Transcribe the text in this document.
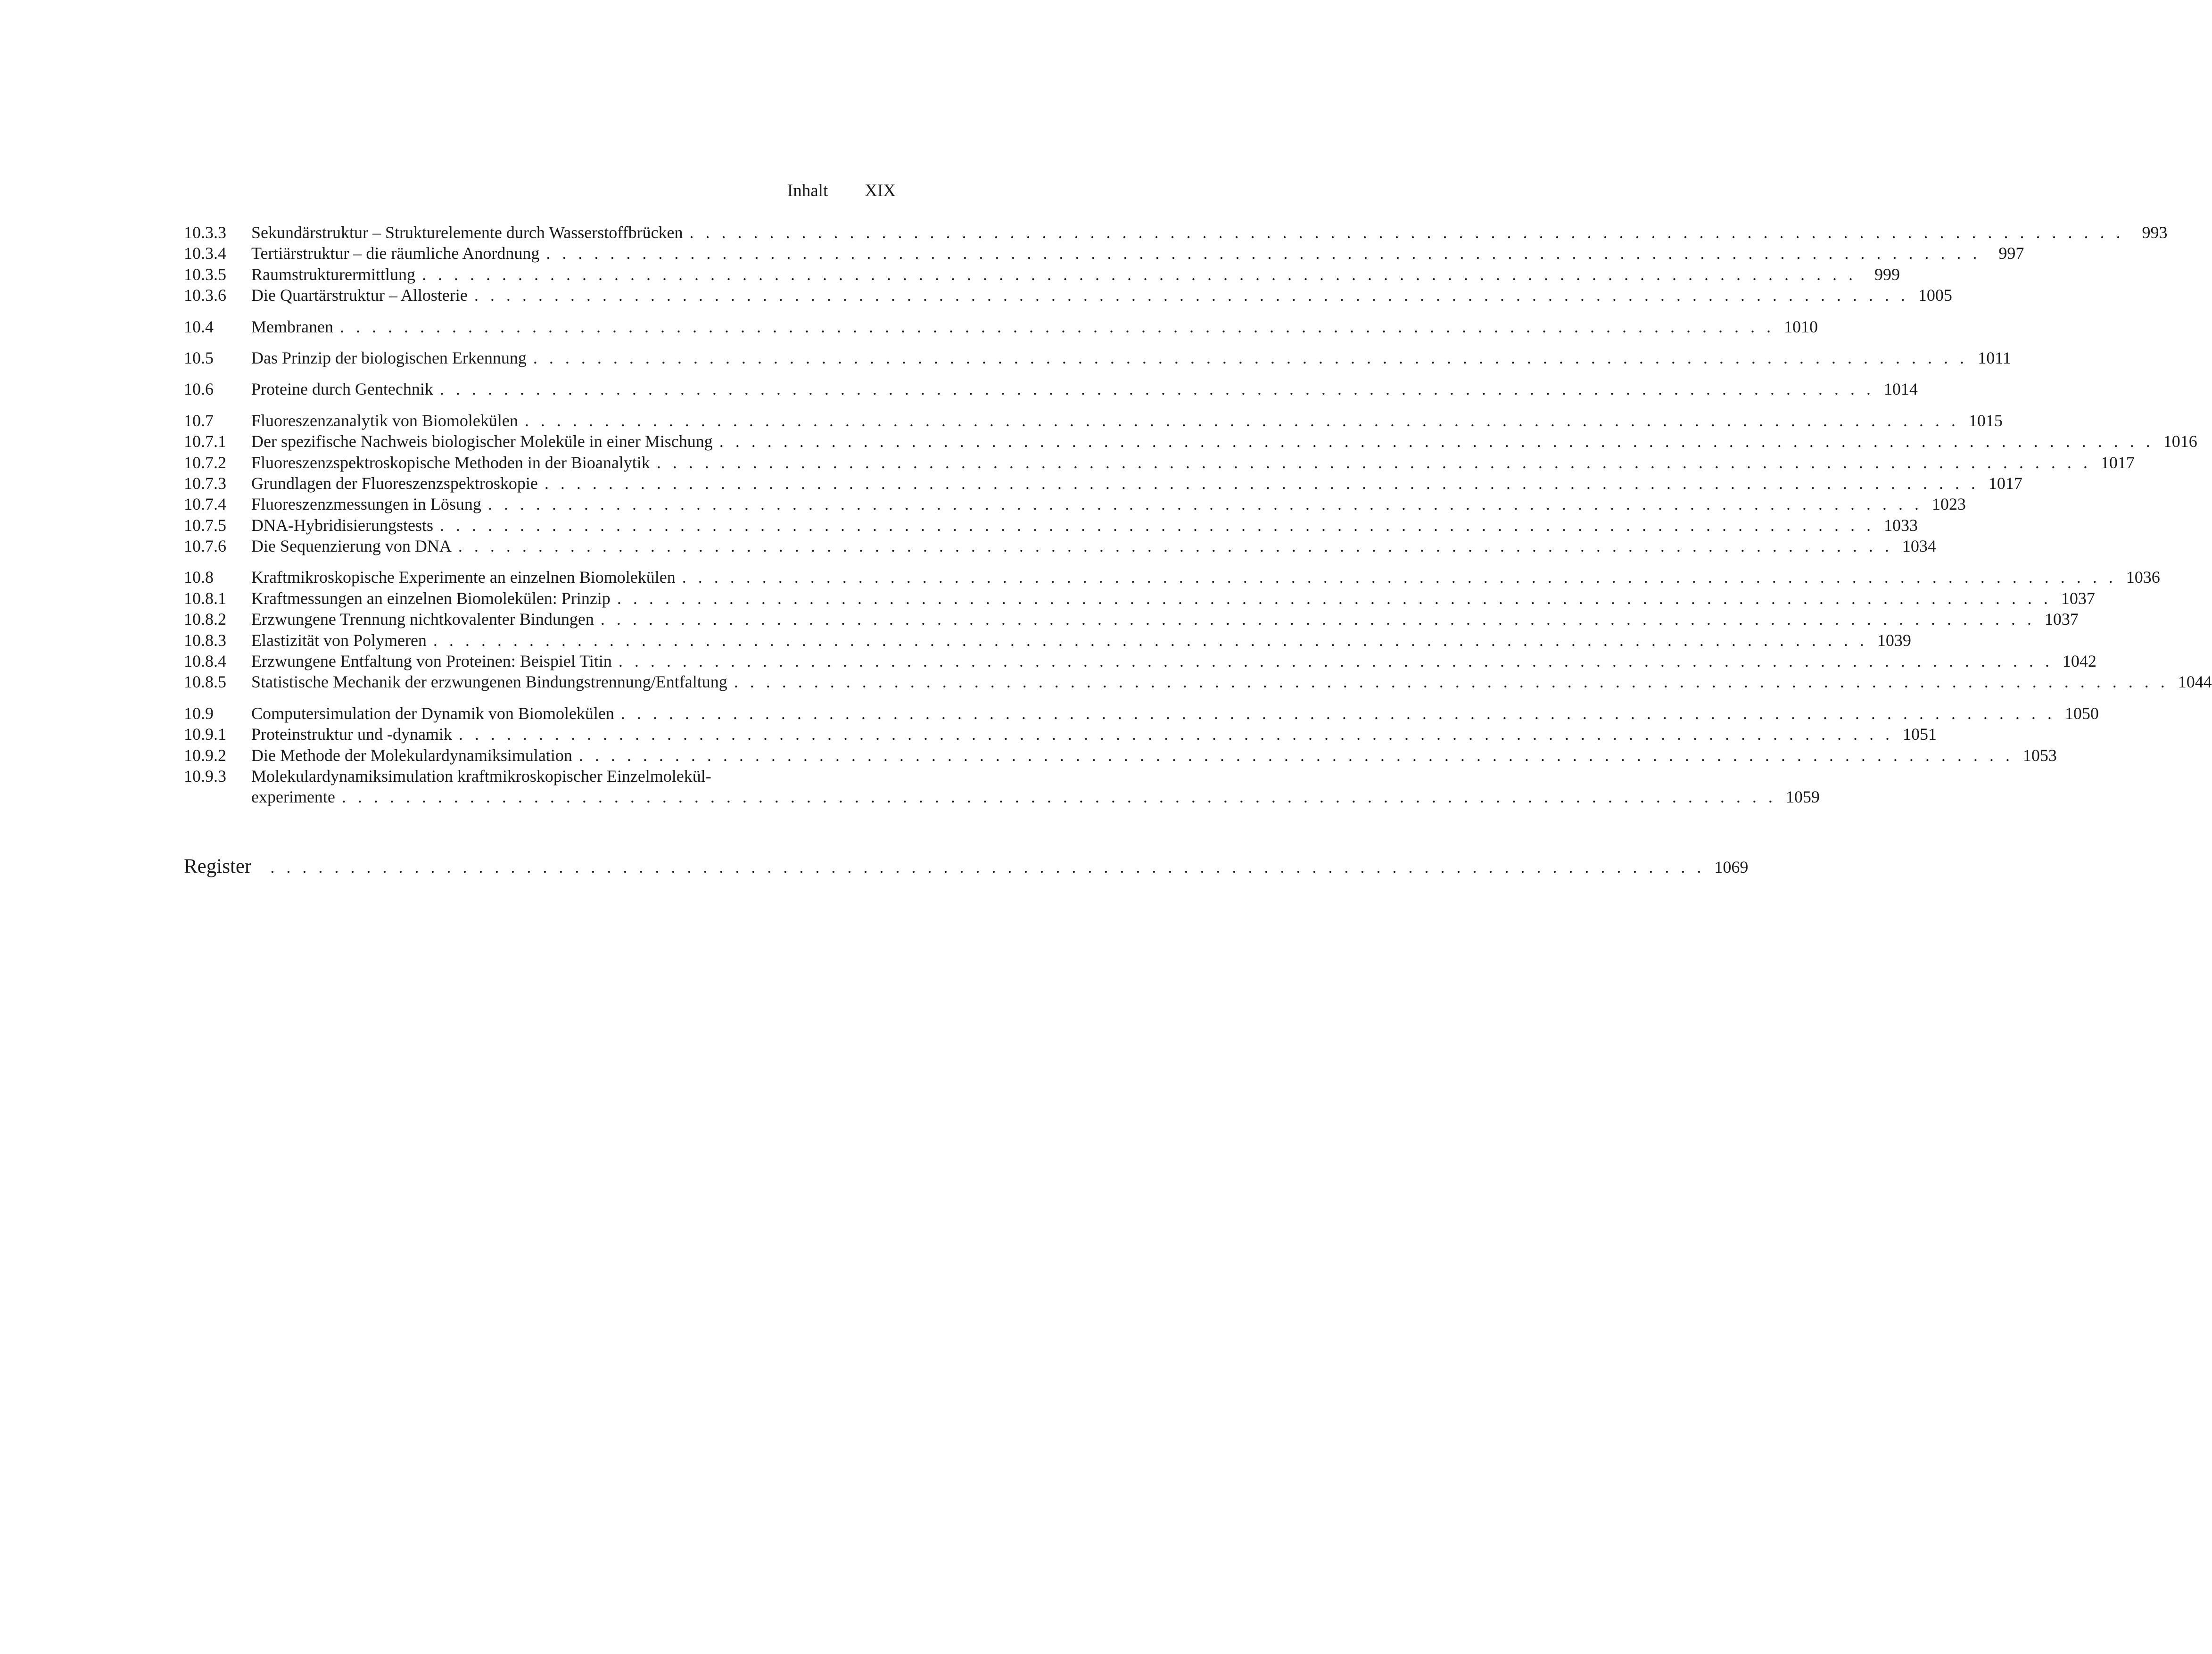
Inhalt XIX
10.3.3 Sekundärstruktur – Strukturelemente durch Wasserstoffbrücken . . . . . . . . . . . . . . . . . . . . . . . . . . . . . . . . . . . . . . . . . . . . . . . . . . . . . . . . . . . . . . . . . . . . . . . . . . . . . . . . . . . . . . . . . .	993
10.3.4 Tertiärstruktur – die räumliche Anordnung . . . . . . . . . . . . . . . . . . . . . . . . . . . . . . . . . . . . . . . . . . . . . . . . . . . . . . . . . . . . . . . . . . . . . . . . . . . . . . . . . . . . . . . . . .	997
10.3.5 Raumstrukturermittlung . . . . . . . . . . . . . . . . . . . . . . . . . . . . . . . . . . . . . . . . . . . . . . . . . . . . . . . . . . . . . . . . . . . . . . . . . . . . . . . . . . . . . . . . . .	999
10.3.6 Die Quartärstruktur – Allosterie . . . . . . . . . . . . . . . . . . . . . . . . . . . . . . . . . . . . . . . . . . . . . . . . . . . . . . . . . . . . . . . . . . . . . . . . . . . . . . . . . . . . . . . . . . 1005
10.4 Membranen . . . . . . . . . . . . . . . . . . . . . . . . . . . . . . . . . . . . . . . . . . . . . . . . . . . . . . . . . . . . . . . . . . . . . . . . . . . . . . . . . . . . . . . . . . 1010
10.5 Das Prinzip der biologischen Erkennung . . . . . . . . . . . . . . . . . . . . . . . . . . . . . . . . . . . . . . . . . . . . . . . . . . . . . . . . . . . . . . . . . . . . . . . . . . . . . . . . . . . . . . . . . . 1011
10.6 Proteine durch Gentechnik . . . . . . . . . . . . . . . . . . . . . . . . . . . . . . . . . . . . . . . . . . . . . . . . . . . . . . . . . . . . . . . . . . . . . . . . . . . . . . . . . . . . . . . . . . 1014
10.7 Fluoreszenzanalytik von Biomolekülen . . . . . . . . . . . . . . . . . . . . . . . . . . . . . . . . . . . . . . . . . . . . . . . . . . . . . . . . . . . . . . . . . . . . . . . . . . . . . . . . . . . . . . . . . . 1015
10.7.1 Der spezifische Nachweis biologischer Moleküle in einer Mischung . . . . . . . . . . . . . . . . . . . . . . . . . . . . . . . . . . . . . . . . . . . . . . . . . . . . . . . . . . . . . . . . . . . . . . . . . . . . . . . . . . . . . . . . . . 1016
10.7.2 Fluoreszenzspektroskopische Methoden in der Bioanalytik . . . . . . . . . . . . . . . . . . . . . . . . . . . . . . . . . . . . . . . . . . . . . . . . . . . . . . . . . . . . . . . . . . . . . . . . . . . . . . . . . . . . . . . . . . 1017
10.7.3 Grundlagen der Fluoreszenzspektroskopie . . . . . . . . . . . . . . . . . . . . . . . . . . . . . . . . . . . . . . . . . . . . . . . . . . . . . . . . . . . . . . . . . . . . . . . . . . . . . . . . . . . . . . . . . . 1017
10.7.4 Fluoreszenzmessungen in Lösung . . . . . . . . . . . . . . . . . . . . . . . . . . . . . . . . . . . . . . . . . . . . . . . . . . . . . . . . . . . . . . . . . . . . . . . . . . . . . . . . . . . . . . . . . . 1023
10.7.5 DNA-Hybridisierungstests . . . . . . . . . . . . . . . . . . . . . . . . . . . . . . . . . . . . . . . . . . . . . . . . . . . . . . . . . . . . . . . . . . . . . . . . . . . . . . . . . . . . . . . . . . 1033
10.7.6 Die Sequenzierung von DNA . . . . . . . . . . . . . . . . . . . . . . . . . . . . . . . . . . . . . . . . . . . . . . . . . . . . . . . . . . . . . . . . . . . . . . . . . . . . . . . . . . . . . . . . . . 1034
10.8 Kraftmikroskopische Experimente an einzelnen Biomolekülen . . . . . . . . . . . . . . . . . . . . . . . . . . . . . . . . . . . . . . . . . . . . . . . . . . . . . . . . . . . . . . . . . . . . . . . . . . . . . . . . . . . . . . . . . . 1036
10.8.1 Kraftmessungen an einzelnen Biomolekülen: Prinzip . . . . . . . . . . . . . . . . . . . . . . . . . . . . . . . . . . . . . . . . . . . . . . . . . . . . . . . . . . . . . . . . . . . . . . . . . . . . . . . . . . . . . . . . . . 1037
10.8.2 Erzwungene Trennung nichtkovalenter Bindungen . . . . . . . . . . . . . . . . . . . . . . . . . . . . . . . . . . . . . . . . . . . . . . . . . . . . . . . . . . . . . . . . . . . . . . . . . . . . . . . . . . . . . . . . . . 1037
10.8.3 Elastizität von Polymeren . . . . . . . . . . . . . . . . . . . . . . . . . . . . . . . . . . . . . . . . . . . . . . . . . . . . . . . . . . . . . . . . . . . . . . . . . . . . . . . . . . . . . . . . . . 1039
10.8.4 Erzwungene Entfaltung von Proteinen: Beispiel Titin . . . . . . . . . . . . . . . . . . . . . . . . . . . . . . . . . . . . . . . . . . . . . . . . . . . . . . . . . . . . . . . . . . . . . . . . . . . . . . . . . . . . . . . . . . 1042
10.8.5 Statistische Mechanik der erzwungenen Bindungstrennung/Entfaltung . . . . . . . . . . . . . . . . . . . . . . . . . . . . . . . . . . . . . . . . . . . . . . . . . . . . . . . . . . . . . . . . . . . . . . . . . . . . . . . . . . . . . . . . . . 1044
10.9 Computersimulation der Dynamik von Biomolekülen . . . . . . . . . . . . . . . . . . . . . . . . . . . . . . . . . . . . . . . . . . . . . . . . . . . . . . . . . . . . . . . . . . . . . . . . . . . . . . . . . . . . . . . . . . 1050
10.9.1 Proteinstruktur und -dynamik . . . . . . . . . . . . . . . . . . . . . . . . . . . . . . . . . . . . . . . . . . . . . . . . . . . . . . . . . . . . . . . . . . . . . . . . . . . . . . . . . . . . . . . . . . 1051
10.9.2 Die Methode der Molekulardynamiksimulation . . . . . . . . . . . . . . . . . . . . . . . . . . . . . . . . . . . . . . . . . . . . . . . . . . . . . . . . . . . . . . . . . . . . . . . . . . . . . . . . . . . . . . . . . . 1053
10.9.3 Molekulardynamiksimulation kraftmikroskopischer Einzelmolekül-
experimente . . . . . . . . . . . . . . . . . . . . . . . . . . . . . . . . . . . . . . . . . . . . . . . . . . . . . . . . . . . . . . . . . . . . . . . . . . . . . . . . . . . . . . . . . . 1059
Register	. . . . . . . . . . . . . . . . . . . . . . . . . . . . . . . . . . . . . . . . . . . . . . . . . . . . . . . . . . . . . . . . . . . . . . . . . . . . . . . . . . . . . . . . . . 1069
